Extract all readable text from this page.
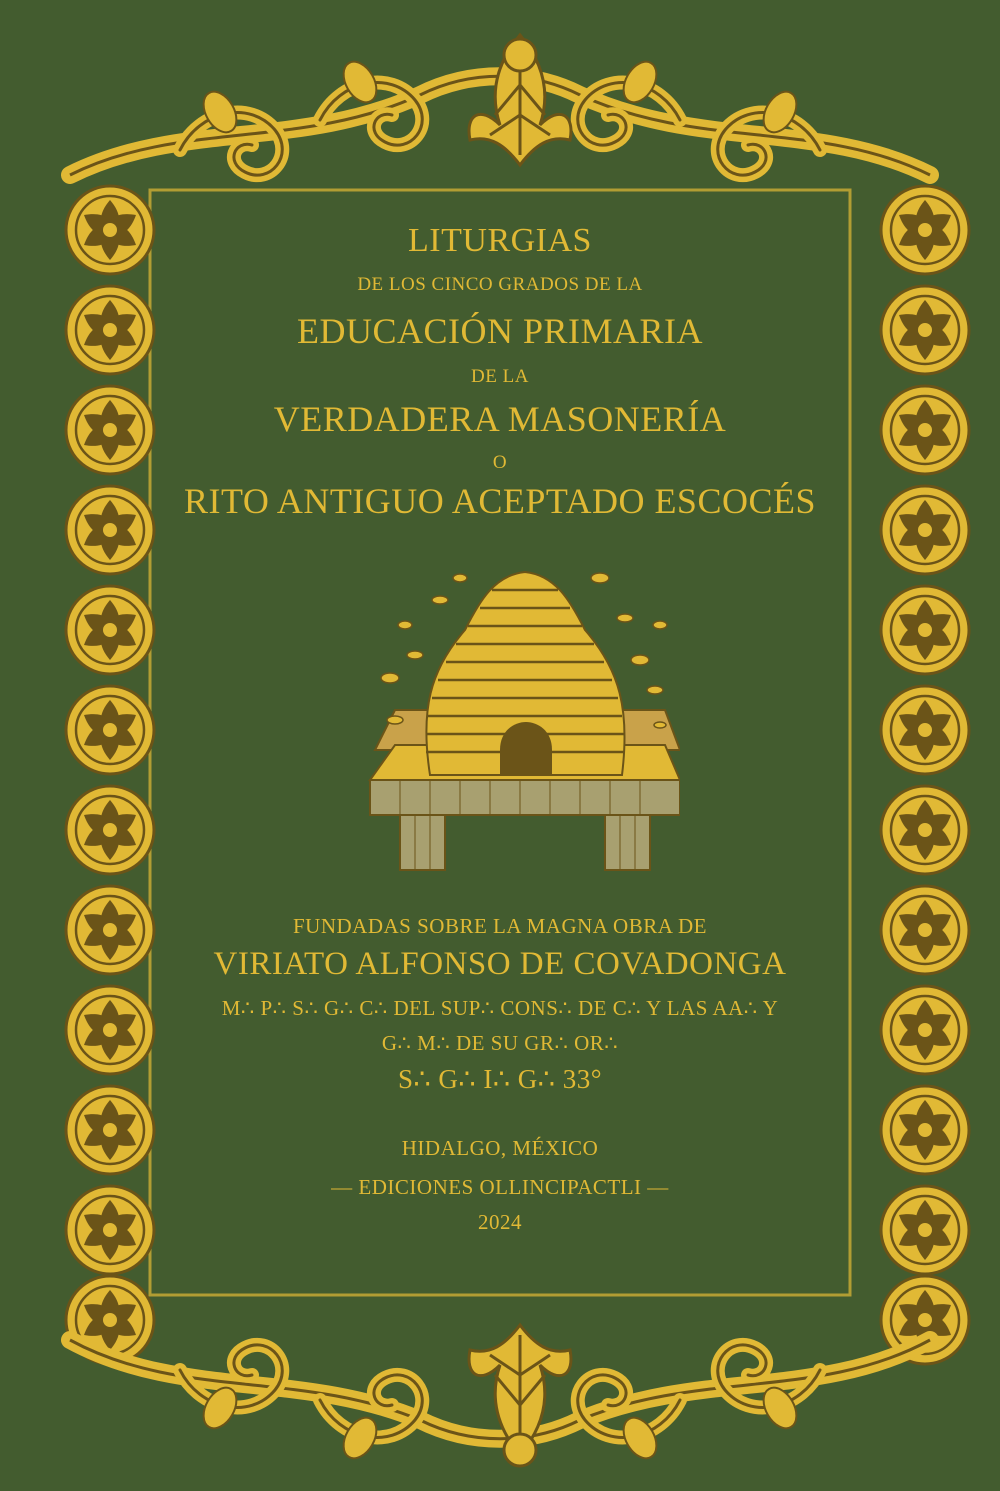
LITURGIAS
DE LOS CINCO GRADOS DE LA
EDUCACIÓN PRIMARIA
DE LA
VERDADERA MASONERÍA
O
RITO ANTIGUO ACEPTADO ESCOCÉS
FUNDADAS SOBRE LA MAGNA OBRA DE
VIRIATO ALFONSO DE COVADONGA
M∴ P∴ S∴ G∴ C∴ DEL SUP∴ CONS∴ DE C∴ Y LAS AA∴ Y
G∴ M∴ DE SU GR∴ OR∴
S∴ G∴ I∴ G∴ 33°
HIDALGO, MÉXICO
— EDICIONES OLLINCIPACTLI —
2024
